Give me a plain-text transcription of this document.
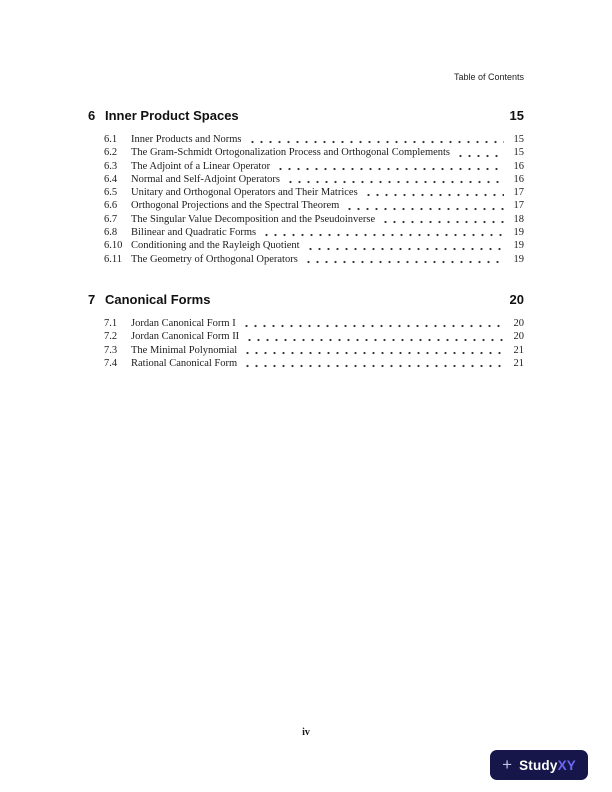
Table of Contents
6 Inner Product Spaces	15
6.1	Inner Products and Norms	15
6.2	The Gram-Schmidt Ortogonalization Process and Orthogonal Complements	15
6.3	The Adjoint of a Linear Operator	16
6.4	Normal and Self-Adjoint Operators	16
6.5	Unitary and Orthogonal Operators and Their Matrices	17
6.6	Orthogonal Projections and the Spectral Theorem	17
6.7	The Singular Value Decomposition and the Pseudoinverse	18
6.8	Bilinear and Quadratic Forms	19
6.10 Conditioning and the Rayleigh Quotient	19
6.11 The Geometry of Orthogonal Operators	19
7 Canonical Forms	20
7.1	Jordan Canonical Form I	20
7.2	Jordan Canonical Form II	20
7.3	The Minimal Polynomial	21
7.4	Rational Canonical Form	21
iv
+ StudyXY
